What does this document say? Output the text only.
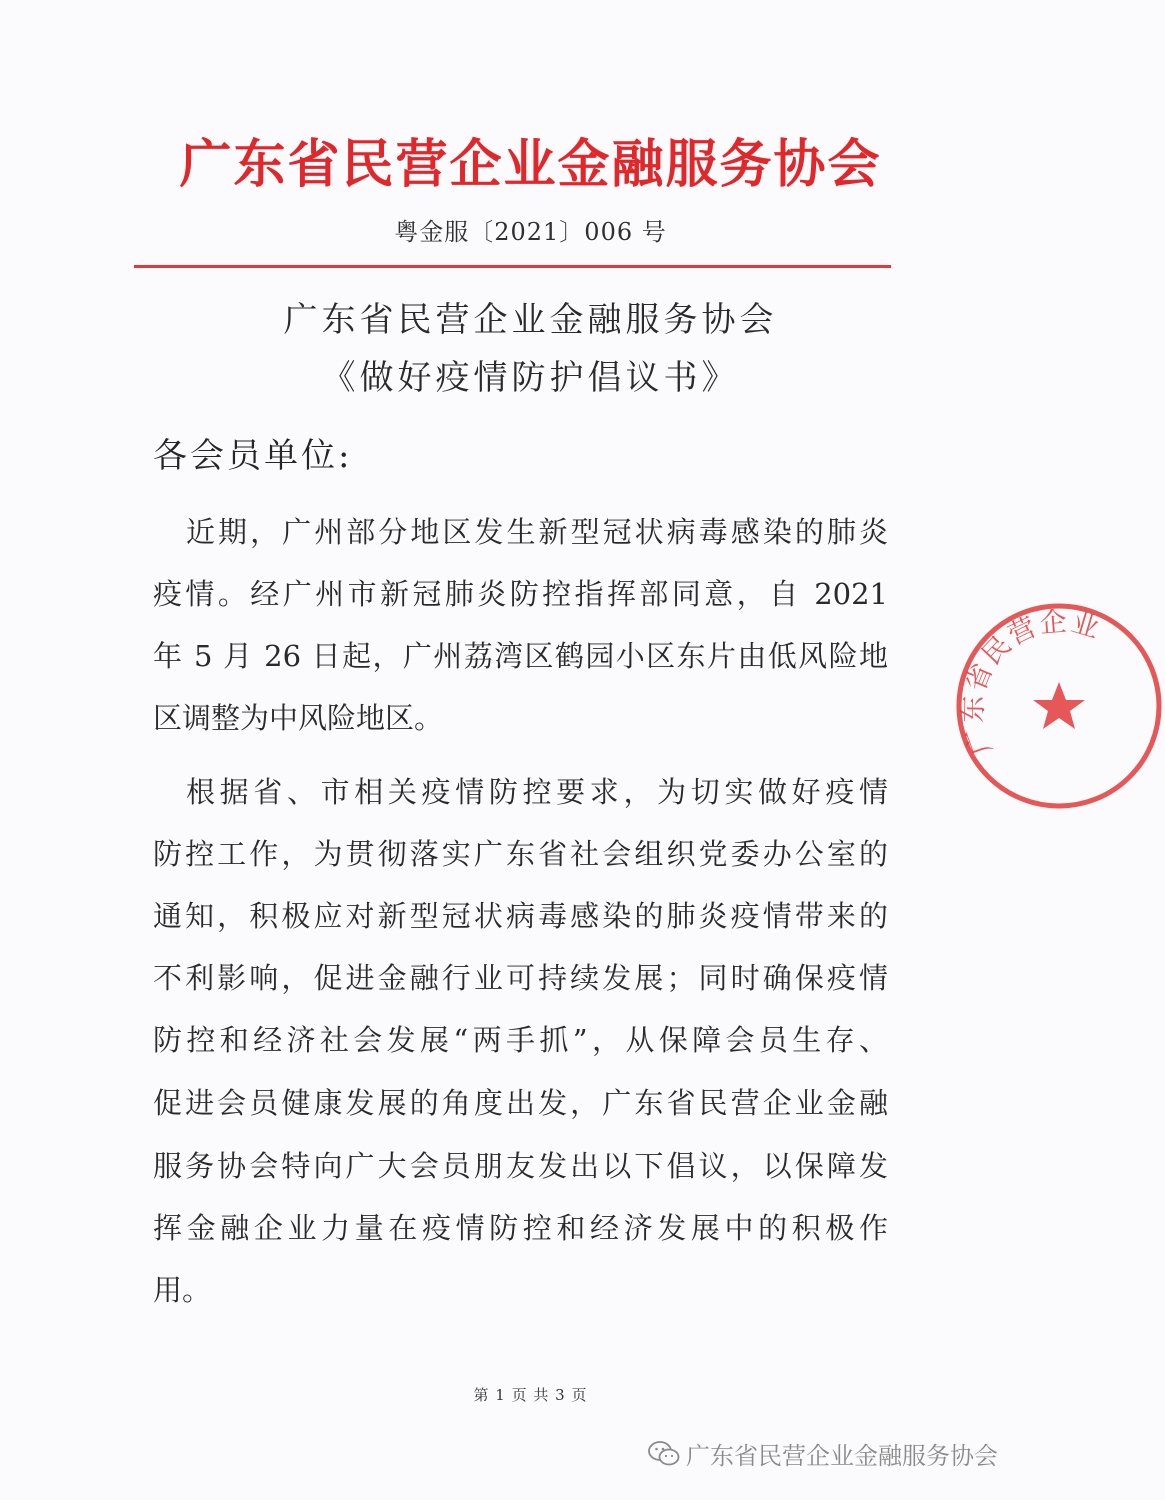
广东省民营企业金融服务协会
粤金服〔2021〕006 号
广东省民营企业金融服务协会
《做好疫情防护倡议书》
各会员单位:
近期，广州部分地区发生新型冠状病毒感染的肺炎
疫情。经广州市新冠肺炎防控指挥部同意，自 2021
年 5 月 26 日起，广州荔湾区鹤园小区东片由低风险地
区调整为中风险地区。
根据省、市相关疫情防控要求，为切实做好疫情
防控工作，为贯彻落实广东省社会组织党委办公室的
通知，积极应对新型冠状病毒感染的肺炎疫情带来的
不利影响，促进金融行业可持续发展；同时确保疫情
防控和经济社会发展“两手抓”，从保障会员生存、
促进会员健康发展的角度出发，广东省民营企业金融
服务协会特向广大会员朋友发出以下倡议，以保障发
挥金融企业力量在疫情防控和经济发展中的积极作
用。
广东省民营企业
第 1 页 共 3 页
广东省民营企业金融服务协会
